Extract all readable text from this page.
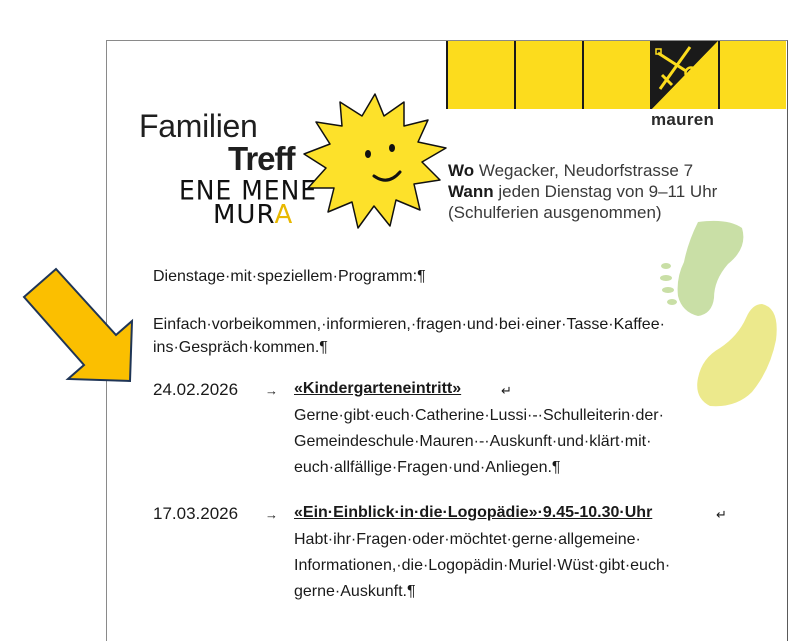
mauren
Familien
Treff
ENE MENE
MURA
Wo Wegacker, Neudorfstrasse 7
Wann jeden Dienstag von 9–11 Uhr
(Schulferien ausgenommen)
Dienstage·mit·speziellem·Programm:¶
Einfach·vorbeikommen,·informieren,·fragen·und·bei·einer·Tasse·Kaffee·
ins·Gespräch·kommen.¶
24.02.2026 → «Kindergarteneintritt»	↵
Gerne·gibt·euch·Catherine·Lussi·-·Schulleiterin·der·
Gemeindeschule·Mauren·-·Auskunft·und·klärt·mit·
euch·allfällige·Fragen·und·Anliegen.¶
17.03.2026 → «Ein·Einblick·in·die·Logopädie»·9.45-10.30·Uhr	↵
Habt·ihr·Fragen·oder·möchtet·gerne·allgemeine·
Informationen,·die·Logopädin·Muriel·Wüst·gibt·euch·
gerne·Auskunft.¶
